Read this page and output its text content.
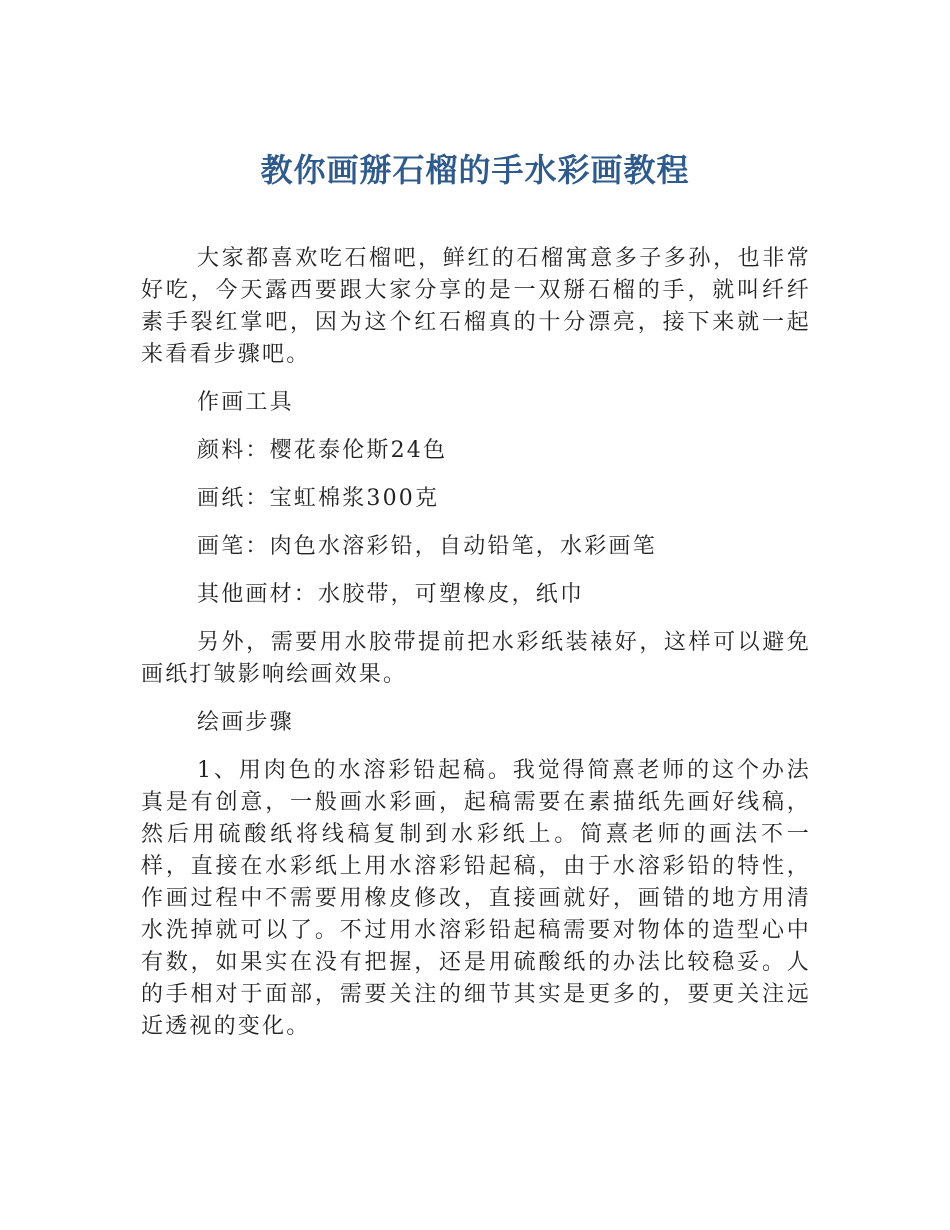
教你画掰石榴的手水彩画教程

大家都喜欢吃石榴吧，鲜红的石榴寓意多子多孙，也非常好吃，今天露西要跟大家分享的是一双掰石榴的手，就叫纤纤素手裂红掌吧，因为这个红石榴真的十分漂亮，接下来就一起来看看步骤吧。

作画工具

颜料：樱花泰伦斯24色

画纸：宝虹棉浆300克

画笔：肉色水溶彩铅，自动铅笔，水彩画笔

其他画材：水胶带，可塑橡皮，纸巾

另外，需要用水胶带提前把水彩纸装裱好，这样可以避免画纸打皱影响绘画效果。

绘画步骤

1、用肉色的水溶彩铅起稿。我觉得简熹老师的这个办法真是有创意，一般画水彩画，起稿需要在素描纸先画好线稿，然后用硫酸纸将线稿复制到水彩纸上。简熹老师的画法不一样，直接在水彩纸上用水溶彩铅起稿，由于水溶彩铅的特性，作画过程中不需要用橡皮修改，直接画就好，画错的地方用清水洗掉就可以了。不过用水溶彩铅起稿需要对物体的造型心中有数，如果实在没有把握，还是用硫酸纸的办法比较稳妥。人的手相对于面部，需要关注的细节其实是更多的，要更关注远近透视的变化。
